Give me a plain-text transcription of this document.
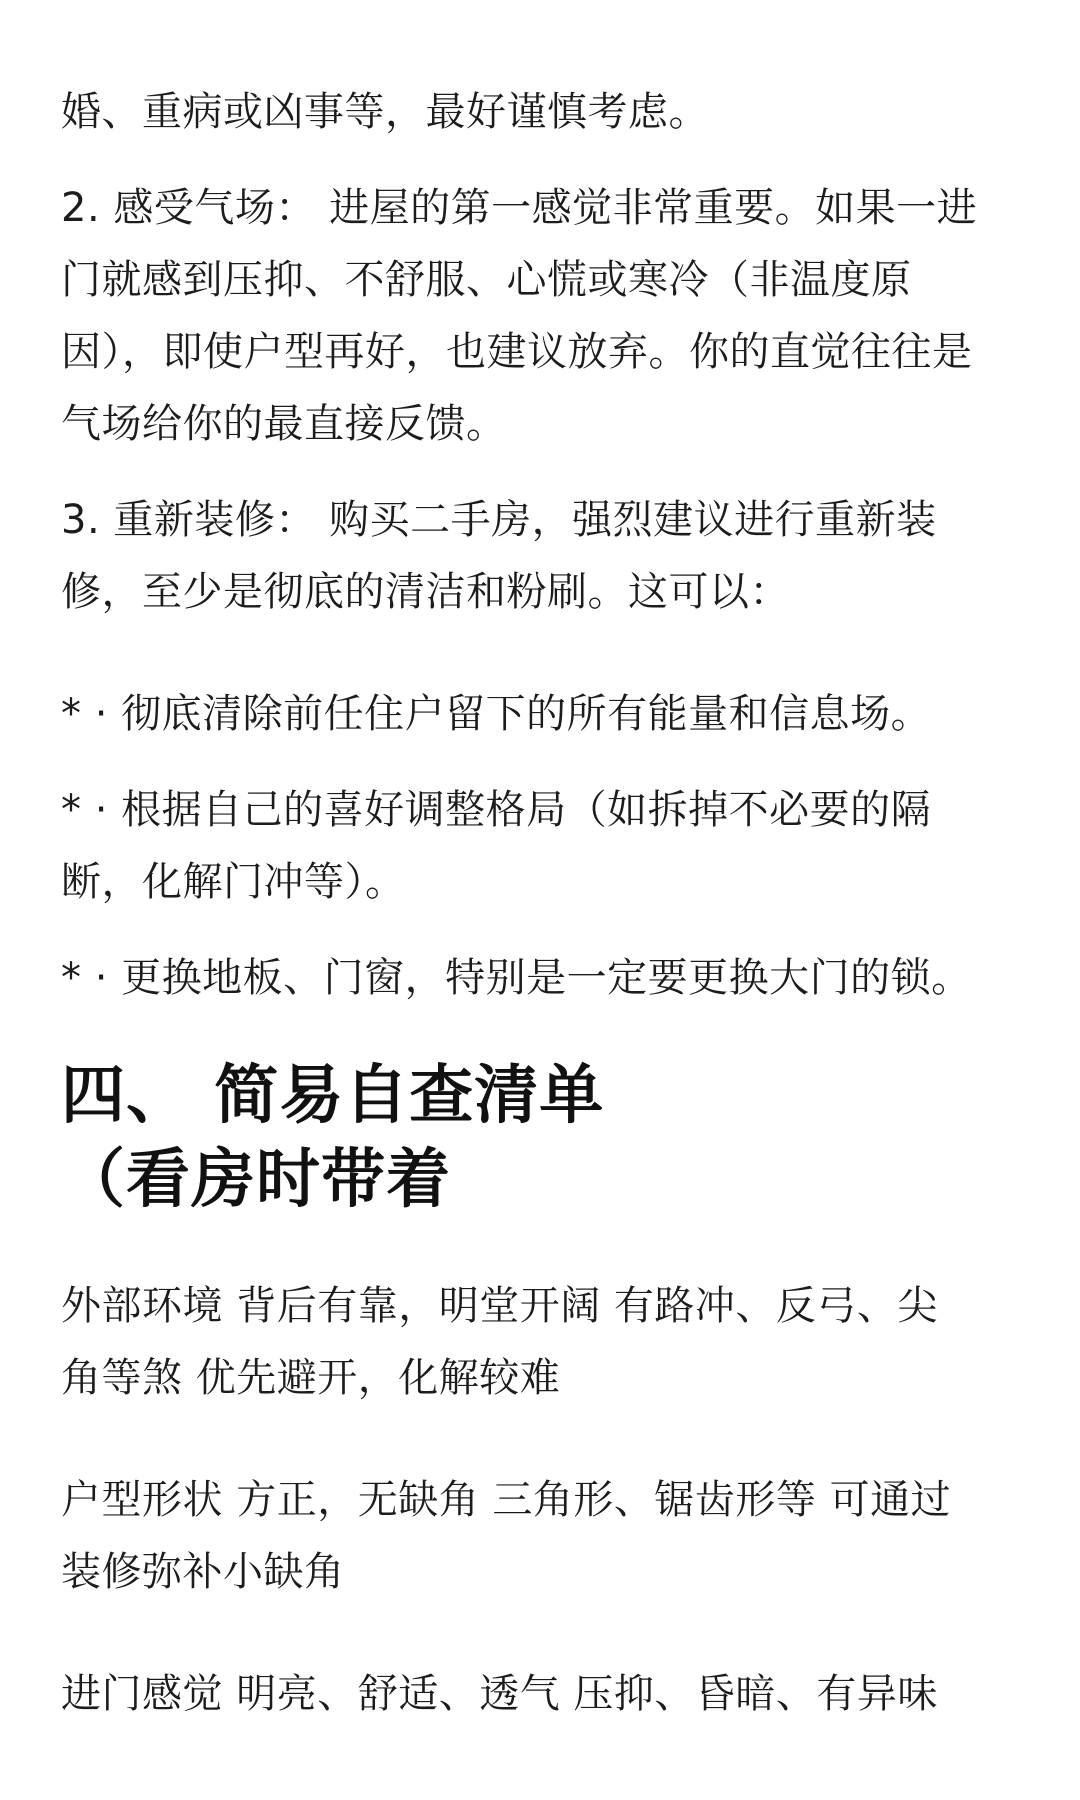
婚、重病或凶事等，最好谨慎考虑。

2. 感受气场： 进屋的第一感觉非常重要。如果一进
门就感到压抑、不舒服、心慌或寒冷（非温度原
因），即使户型再好，也建议放弃。你的直觉往往是
气场给你的最直接反馈。

3. 重新装修： 购买二手房，强烈建议进行重新装
修，至少是彻底的清洁和粉刷。这可以：

* · 彻底清除前任住户留下的所有能量和信息场。

* · 根据自己的喜好调整格局（如拆掉不必要的隔
断，化解门冲等）。

* · 更换地板、门窗，特别是一定要更换大门的锁。

四、 简易自查清单
（看房时带着

外部环境 背后有靠，明堂开阔 有路冲、反弓、尖
角等煞 优先避开，化解较难

户型形状 方正，无缺角 三角形、锯齿形等 可通过
装修弥补小缺角

进门感觉 明亮、舒适、透气 压抑、昏暗、有异味
